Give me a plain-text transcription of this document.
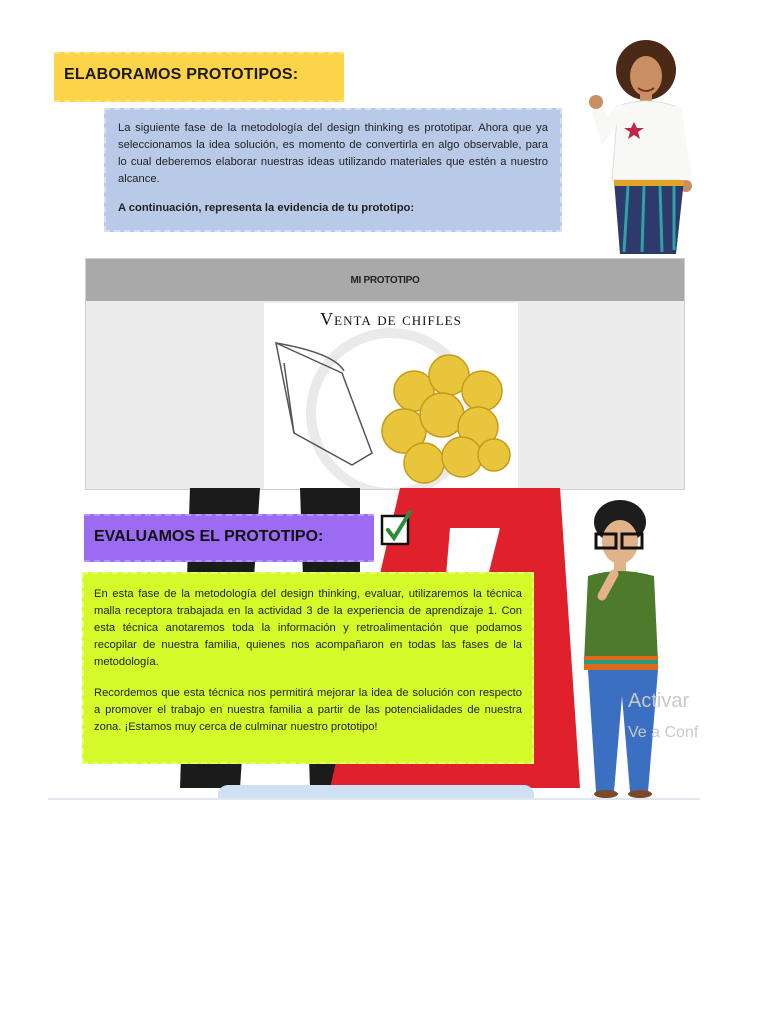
ELABORAMOS PROTOTIPOS:

La siguiente fase de la metodología del design thinking es prototipar. Ahora que ya seleccionamos la idea solución, es momento de convertirla en algo observable, para lo cual deberemos elaborar nuestras ideas utilizando materiales que estén a nuestro alcance.

A continuación, representa la evidencia de tu prototipo:

MI PROTOTIPO
Venta de chifles
EVALUAMOS EL PROTOTIPO:

En esta fase de la metodología del design thinking, evaluar, utilizaremos la técnica malla receptora trabajada en la actividad 3 de la experiencia de aprendizaje 1. Con esta técnica anotaremos toda la información y retroalimentación que podamos recopilar de nuestra familia, quienes nos acompañaron en todas las fases de la metodología.

Recordemos que esta técnica nos permitirá mejorar la idea de solución con respecto a promover el trabajo en nuestra familia a partir de las potencialidades de nuestra zona. ¡Estamos muy cerca de culminar nuestro prototipo!

Activar
Ve a Conf
